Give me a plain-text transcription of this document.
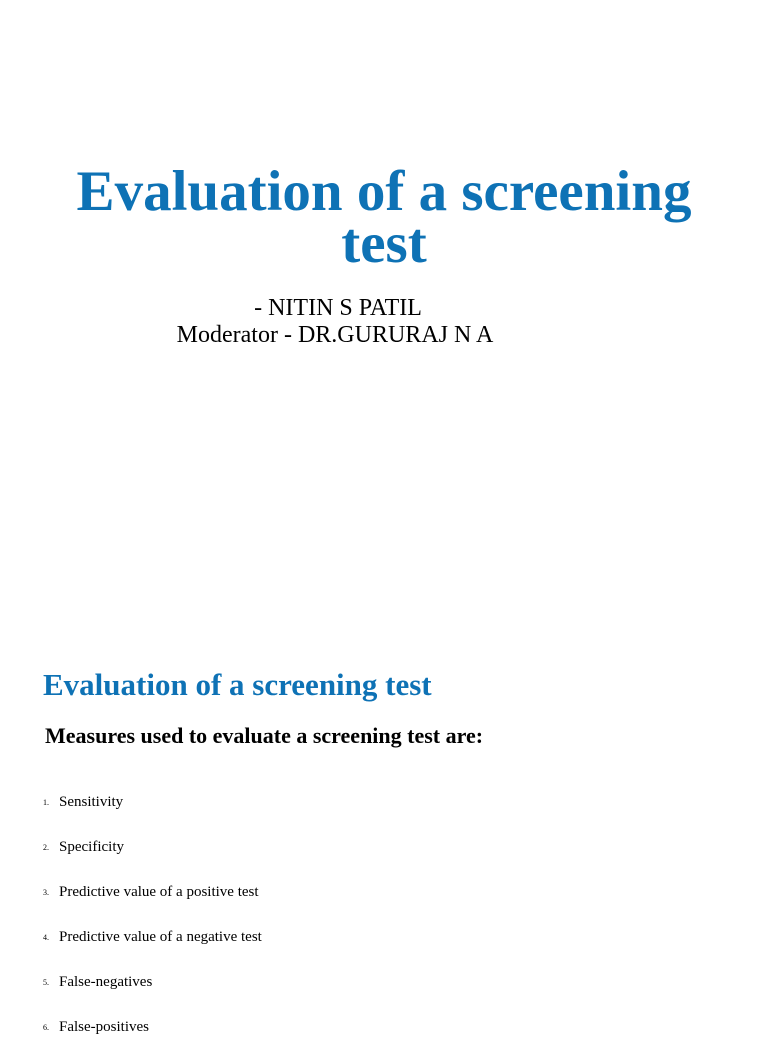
Evaluation of a screening test

- NITIN S PATIL

Moderator - DR.GURURAJ N A

Evaluation of a screening test

Measures used to evaluate a screening test are:

1. Sensitivity
2. Specificity
3. Predictive value of a positive test
4. Predictive value of a negative test
5. False-negatives
6. False-positives
